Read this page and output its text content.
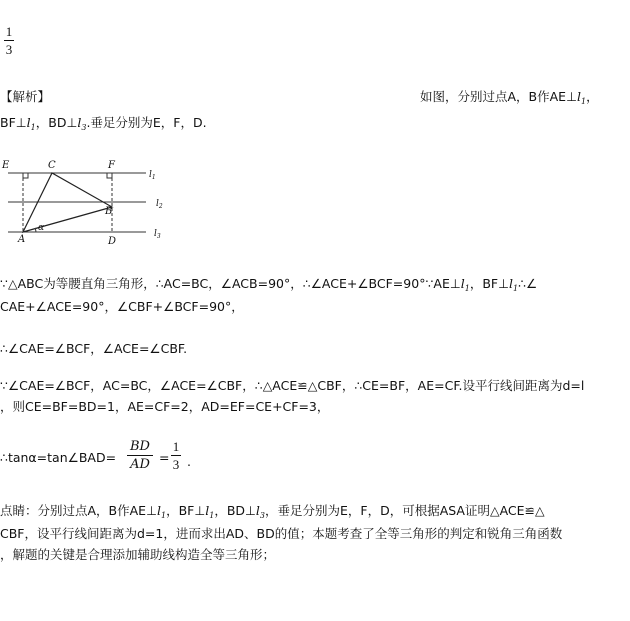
1
3
【解析】	如图，分别过点A，B作$AE\perp l_1$，
$BF\perp l_1$，$BD\perp l_3$.垂足分别为E，F，D.
E	C	F
B
A	D
α
$l_1$
$l_2$
$l_3$
∵△ABC为等腰直角三角形，∴AC=BC，∠ACB=90°，$\therefore\angle ACE+\angle BCF=90^\circ\because AE\perp l_1$，$BF\perp l_1\therefore\angle$
CAE+∠ACE=90°，∠CBF+∠BCF=90°，
∴∠CAE=∠BCF，∠ACE=∠CBF.
∵∠CAE=∠BCF，AC=BC，∠ACE=∠CBF，∴△ACE≌△CBF，∴CE=BF，AE=CF.设平行线间距离为d=l
，则CE=BF=BD=1，AE=CF=2，AD=EF=CE+CF=3，
∴tanα=tan∠BAD=
BD
AD =
1
3 .
点睛：分别过点A，B作$AE\perp l_1$，$BF\perp l_1$，$BD\perp l_3$，垂足分别为E，F，D，可根据ASA证明△ACE≌△
CBF，设平行线间距离为d=1，进而求出AD、BD的值；本题考查了全等三角形的判定和锐角三角函数
，解题的关键是合理添加辅助线构造全等三角形；
